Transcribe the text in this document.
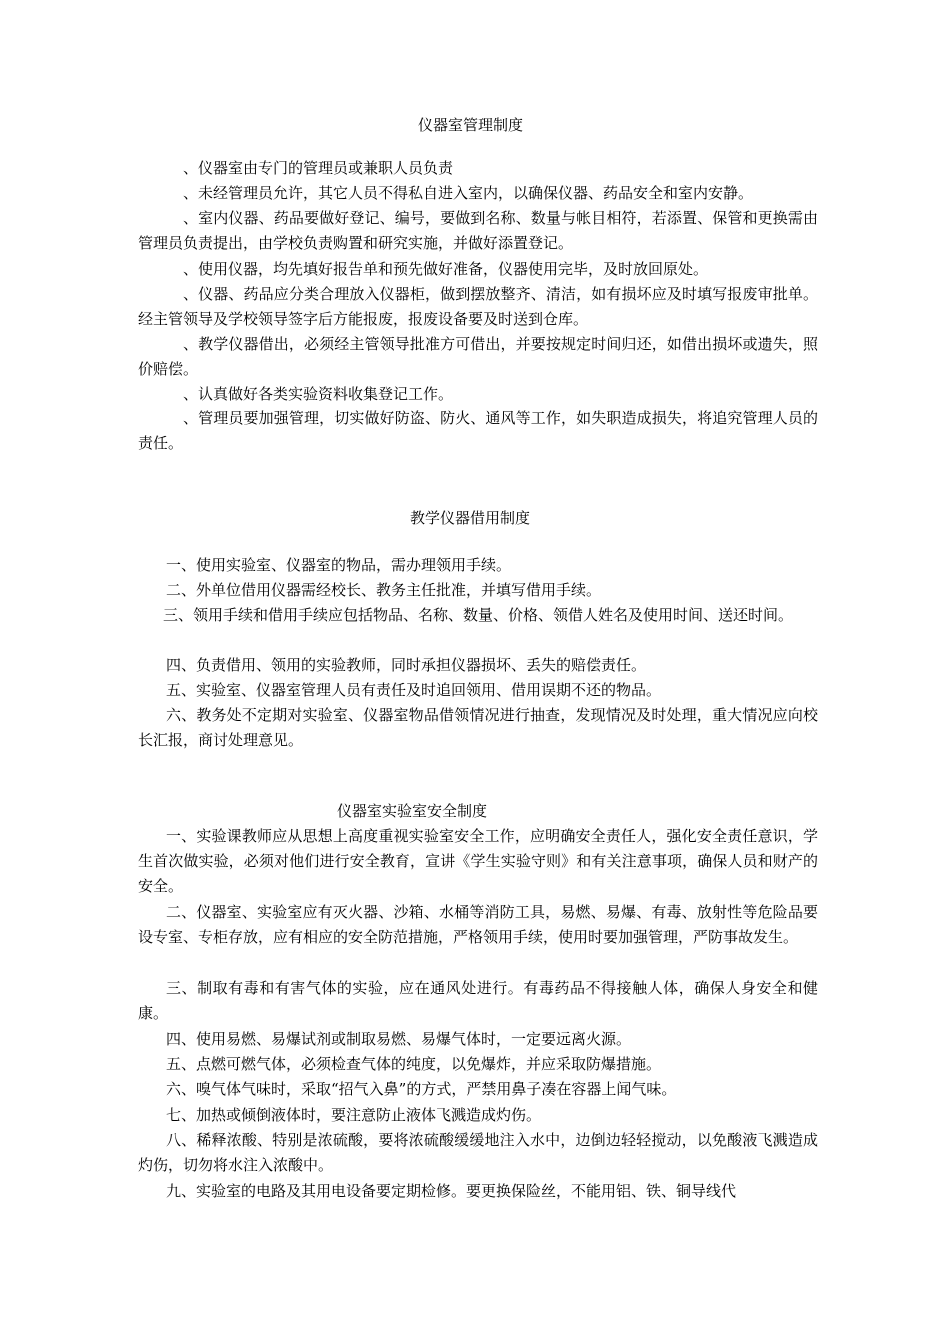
仪器室管理制度
、仪器室由专门的管理员或兼职人员负责
、未经管理员允许，其它人员不得私自进入室内，以确保仪器、药品安全和室内安静。
、室内仪器、药品要做好登记、编号，要做到名称、数量与帐目相符，若添置、保管和更换需由管理员负责提出，由学校负责购置和研究实施，并做好添置登记。
、使用仪器，均先填好报告单和预先做好准备，仪器使用完毕，及时放回原处。
、仪器、药品应分类合理放入仪器柜，做到摆放整齐、清洁，如有损坏应及时填写报废审批单。经主管领导及学校领导签字后方能报废，报废设备要及时送到仓库。
、教学仪器借出，必须经主管领导批准方可借出，并要按规定时间归还，如借出损坏或遗失，照价赔偿。
、认真做好各类实验资料收集登记工作。
、管理员要加强管理，切实做好防盗、防火、通风等工作，如失职造成损失，将追究管理人员的责任。
教学仪器借用制度
一、使用实验室、仪器室的物品，需办理领用手续。
二、外单位借用仪器需经校长、教务主任批准，并填写借用手续。
三、领用手续和借用手续应包括物品、名称、数量、价格、领借人姓名及使用时间、送还时间。
四、负责借用、领用的实验教师，同时承担仪器损坏、丢失的赔偿责任。
五、实验室、仪器室管理人员有责任及时追回领用、借用误期不还的物品。
六、教务处不定期对实验室、仪器室物品借领情况进行抽查，发现情况及时处理，重大情况应向校长汇报，商讨处理意见。
仪器室实验室安全制度
一、实验课教师应从思想上高度重视实验室安全工作，应明确安全责任人，强化安全责任意识，学生首次做实验，必须对他们进行安全教育，宣讲《学生实验守则》和有关注意事项，确保人员和财产的安全。
二、仪器室、实验室应有灭火器、沙箱、水桶等消防工具，易燃、易爆、有毒、放射性等危险品要设专室、专柜存放，应有相应的安全防范措施，严格领用手续，使用时要加强管理，严防事故发生。
三、制取有毒和有害气体的实验，应在通风处进行。有毒药品不得接触人体，确保人身安全和健康。
四、使用易燃、易爆试剂或制取易燃、易爆气体时，一定要远离火源。
五、点燃可燃气体，必须检查气体的纯度，以免爆炸，并应采取防爆措施。
六、嗅气体气味时，采取“招气入鼻”的方式，严禁用鼻子凑在容器上闻气味。
七、加热或倾倒液体时，要注意防止液体飞溅造成灼伤。
八、稀释浓酸、特别是浓硫酸，要将浓硫酸缓缓地注入水中，边倒边轻轻搅动，以免酸液飞溅造成灼伤，切勿将水注入浓酸中。
九、实验室的电路及其用电设备要定期检修。要更换保险丝，不能用铝、铁、铜导线代
